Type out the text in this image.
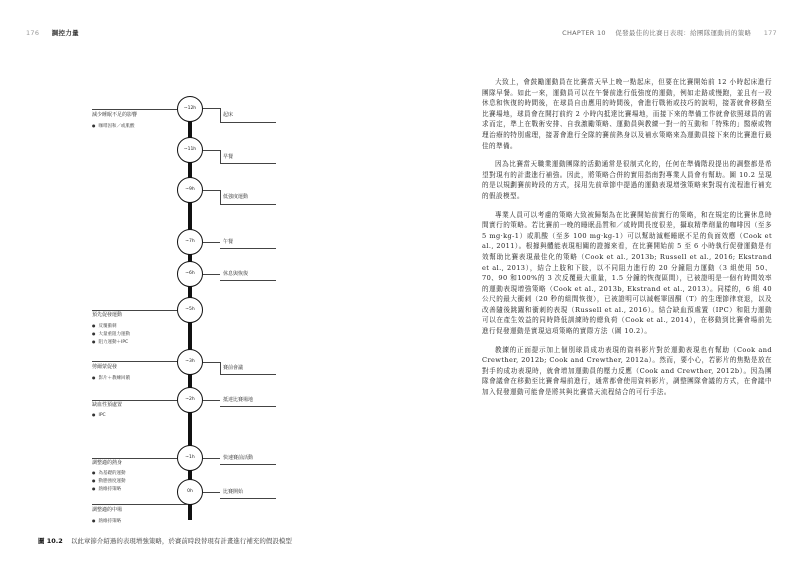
176 調控力量	CHAPTER 10 促發最佳的比賽日表現：給團隊運動員的策略 177
~12h
~11h
~9h
~7h
~6h
~5h
~3h
~2h
~1h
0h
起床
早餐
低強度運動
午餐
休息與恢復
賽前會議
抵達比賽場地
快速賽前活動
比賽開始
減少睡眠不足的影響
● 咖啡因和／或肌酸
預先促發運動
● 反覆衝刺
● 大量重阻力運動
● 阻力運動＋IPC
剪爾蒙促發
● 影片＋教練回饋
缺血性預處置
● IPC
調整適的熱身
● 為基礎的運動
● 動態強度運動
● 熱維持策略
調整適的中場
● 熱維持策略
圖 10.2 以此章節介紹過的表現增強策略，於賽前時段替現有計畫進行補充的假設模型

大致上，會鼓勵運動員在比賽當天早上晚一點起床，但要在比賽開始前 12 小時起床進行團隊早餐。如此一來，運動員可以在午餐前進行低強度的運動，例如走路或慢跑，並且有一段休息和恢復的時間後，在球員自由應用的時間後，會進行戰術或技巧的說明，接著就會移動至比賽場地，球員會在開打前約 2 小時內抵達比賽場地，而接下來的準備工作就會依照球員的需求而定，準上在戰術安排、自我激勵策略、運動員與教練一對一的互動和「特殊的」醫療或物理治療的特別處理，接著會進行全隊的賽前熱身以及補水策略來為運動員接下來的比賽進行最佳的準備。

因為比賽當天職業運動團隊的活動通常是很制式化的，任何在準備階段提出的調整都是希望對現有的計畫進行補強。因此，將策略合併的實用指南對專業人員會有幫助。圖 10.2 呈現的是以規劃賽前時段的方式，採用先前章節中提過的運動表現增強策略來對現有流程進行補充的假設模型。

專業人員可以考慮的策略大致被歸類為在比賽開始前實行的策略，和在規定的比賽休息時間實行的策略。若比賽前一晚的睡眠品質和／或時間長度很差，攝取精準劑量的咖啡因（至多 5 mg·kg-1）或肌酸（至多 100 mg·kg-1）可以幫助減輕睡眠不足的負面效應（Cook et al., 2011）。根據與體能表現相關的證據來看，在比賽開始前 5 至 6 小時執行促發運動是有效幫助比賽表現最佳化的策略（Cook et al., 2013b; Russell et al., 2016; Ekstrand et al., 2013），結合上肢和下肢，以不同阻力進行的 20 分鐘阻力運動（3 組使用 50、70、90 和100%的 3 次反覆最大重量，1.5 分鐘的恢復區間），已被證明是一個有時間效率的運動表現增強策略（Cook et al., 2013b, Ekstrand et al., 2013）。同樣的，6 組 40 公尺的最大衝刺（20 秒的組間恢復），已被證明可以減輕睪固酮（T）的生理節律衰退，以及改善隨後跳躍和衝刺的表現（Russell et al., 2016）。結合缺血預處置（IPC）和阻力運動可以在產生效益的同時降低訓練時的總負荷（Cook et al., 2014），在移動到比賽會場前先進行促發運動是實現這項策略的實際方法（圖 10.2）。

教練的正面提示加上個別球員成功表現的資料影片對於運動表現也有幫助（Cook and Crewther, 2012b; Cook and Crewther, 2012a）。然而，要小心，若影片的焦點是放在對手的成功表現時，就會增加運動員的壓力反應（Cook and Crewther, 2012b）。因為團隊會議會在移動至比賽會場前進行，通常都會使用資料影片，調整團隊會議的方式，在會議中加入促發運動可能會是將其與比賽當天流程結合的可行手法。
